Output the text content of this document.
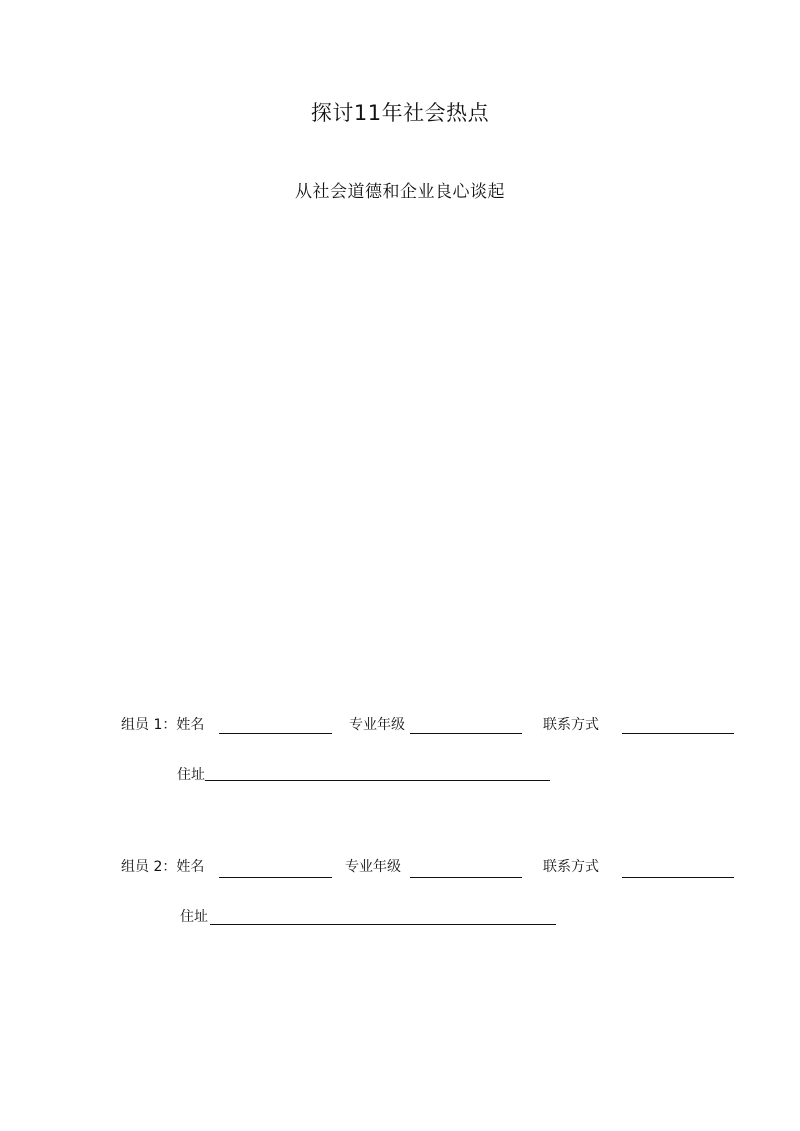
探讨11年社会热点
从社会道德和企业良心谈起
组员 1：姓名	专业年级	联系方式
住址
组员 2：姓名	专业年级	联系方式
住址
